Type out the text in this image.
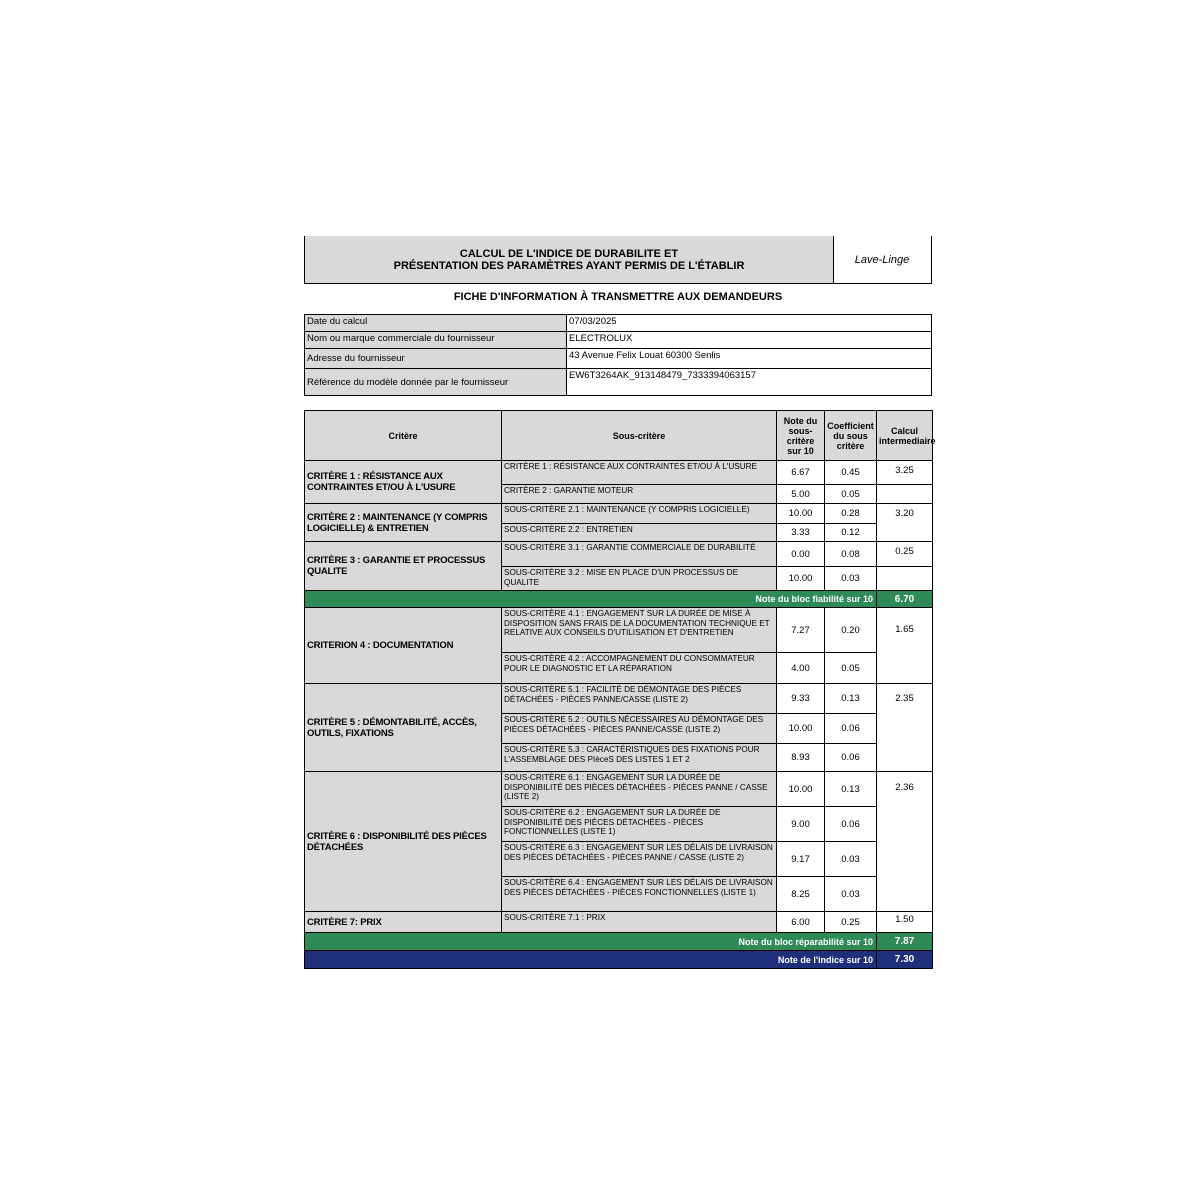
CALCUL DE L'INDICE DE DURABILITE ET
PRÉSENTATION DES PARAMÈTRES AYANT PERMIS DE L'ÉTABLIR	Lave-Linge
FICHE D'INFORMATION À TRANSMETTRE AUX DEMANDEURS
Date du calcul	07/03/2025
Nom ou marque commerciale du fournisseur	ELECTROLUX
Adresse du fournisseur	43 Avenue Felix Louat 60300 Senlis
Référence du modèle donnée par le fournisseur	EW6T3264AK_913148479_7333394063157
Critère	Sous-critère	Note du sous-critère sur 10	Coefficient du sous critère	Calcul intermediaire
CRITÈRE 1 : RÉSISTANCE AUX CONTRAINTES ET/OU À L'USURE	CRITÈRE 1 : RÉSISTANCE AUX CONTRAINTES ET/OU À L'USURE	6.67	0.45	3.25
	CRITÈRE 2 : GARANTIE MOTEUR	5.00	0.05	
CRITÈRE 2 : MAINTENANCE (Y COMPRIS LOGICIELLE) & ENTRETIEN	SOUS-CRITÈRE 2.1 : MAINTENANCE (Y COMPRIS LOGICIELLE)	10.00	0.28	3.20
	SOUS-CRITÈRE 2.2 : ENTRETIEN	3.33	0.12	
CRITÈRE 3 : GARANTIE ET PROCESSUS QUALITE	SOUS-CRITÈRE 3.1 : GARANTIE COMMERCIALE DE DURABILITÉ	0.00	0.08	0.25
	SOUS-CRITÈRE 3.2 : MISE EN PLACE D'UN PROCESSUS DE QUALITE	10.00	0.03	
Note du bloc fiabilité sur 10				6.70
CRITERION 4 : DOCUMENTATION	SOUS-CRITÈRE 4.1 : ENGAGEMENT SUR LA DURÉE DE MISE À DISPOSITION SANS FRAIS DE LA DOCUMENTATION TECHNIQUE ET RELATIVE AUX CONSEILS D'UTILISATION ET D'ENTRETIEN	7.27	0.20	1.65
	SOUS-CRITÈRE 4.2 : ACCOMPAGNEMENT DU CONSOMMATEUR POUR LE DIAGNOSTIC ET LA RÉPARATION	4.00	0.05	
CRITÈRE 5 : DÉMONTABILITÉ, ACCÈS, OUTILS, FIXATIONS	SOUS-CRITÈRE 5.1 : FACILITÉ DE DÉMONTAGE DES PIÈCES DÉTACHÉES - PIÈCES PANNE/CASSE (LISTE 2)	9.33	0.13	2.35
	SOUS-CRITÈRE 5.2 : OUTILS NÉCESSAIRES AU DÉMONTAGE DES PIÈCES DÉTACHÉES - PIÈCES PANNE/CASSE (LISTE 2)	10.00	0.06	
	SOUS-CRITÈRE 5.3 : CARACTÉRISTIQUES DES FIXATIONS POUR L'ASSEMBLAGE DES PIèceS DES LISTES 1 ET 2	8.93	0.06	
CRITÈRE 6 : DISPONIBILITÉ DES PIÈCES DÉTACHÉES	SOUS-CRITÈRE 6.1 : ENGAGEMENT SUR LA DURÉE DE DISPONIBILITÉ DES PIÈCES DÉTACHÉES - PIÈCES PANNE / CASSE (LISTE 2)	10.00	0.13	2.36
	SOUS-CRITÈRE 6.2 : ENGAGEMENT SUR LA DURÉE DE DISPONIBILITÉ DES PIÈCES DÉTACHÉES - PIÈCES FONCTIONNELLES (LISTE 1)	9.00	0.06	
	SOUS-CRITÈRE 6.3 : ENGAGEMENT SUR LES DÉLAIS DE LIVRAISON DES PIÈCES DÉTACHÉES - PIÈCES PANNE / CASSE (LISTE 2)	9.17	0.03	
	SOUS-CRITÈRE 6.4 : ENGAGEMENT SUR LES DÉLAIS DE LIVRAISON DES PIÈCES DÉTACHÉES - PIÈCES FONCTIONNELLES (LISTE 1)	8.25	0.03	
CRITÈRE 7: PRIX	SOUS-CRITÈRE 7.1 : PRIX	6.00	0.25	1.50
Note du bloc réparabilité sur 10				7.87
Note de l'indice sur 10				7.30
